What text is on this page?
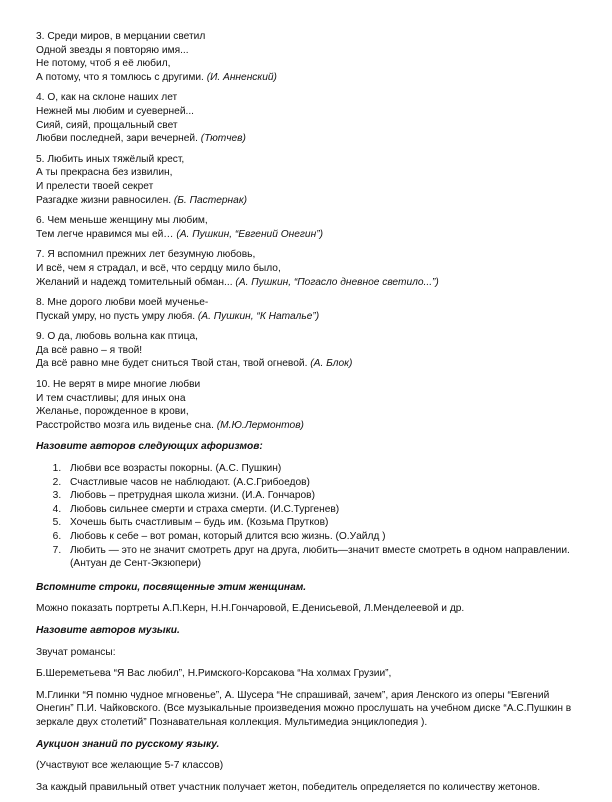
3. Среди миров, в мерцании светил
Одной звезды я повторяю имя...
Не потому, чтоб я её любил,
А потому, что я томлюсь с другими. (И. Анненский)
4. О, как на склоне наших лет
Нежней мы любим и суеверней...
Сияй, сияй, прощальный свет
Любви последней, зари вечерней. (Тютчев)
5. Любить иных тяжёлый крест,
А ты прекрасна без извилин,
И прелести твоей секрет
Разгадке жизни равносилен. (Б. Пастернак)
6. Чем меньше женщину мы любим,
Тем легче нравимся мы ей… (А. Пушкин, “Евгений Онегин”)
7. Я вспомнил прежних лет безумную любовь,
И всё, чем я страдал, и всё, что сердцу мило было,
Желаний и надежд томительный обман... (А. Пушкин, “Погасло дневное светило...”)
8. Мне дорого любви моей мученье-
Пускай умру, но пусть умру любя. (А. Пушкин, “К Наталье”)
9. О да, любовь вольна как птица,
Да всё равно – я твой!
Да всё равно мне будет сниться Твой стан, твой огневой. (А. Блок)
10. Не верят в мире многие любви
И тем счастливы; для иных она
Желанье, порожденное в крови,
Расстройство мозга иль виденье сна. (М.Ю.Лермонтов)
Назовите авторов следующих афоризмов:
1. Любви все возрасты покорны. (А.С. Пушкин)
2. Счастливые часов не наблюдают. (А.С.Грибоедов)
3. Любовь – претрудная школа жизни. (И.А. Гончаров)
4. Любовь сильнее смерти и страха смерти. (И.С.Тургенев)
5. Хочешь быть счастливым – будь им. (Козьма Прутков)
6. Любовь к себе – вот роман, который длится всю жизнь. (О.Уайлд )
7. Любить — это не значит смотреть друг на друга, любить—значит вместе смотреть в одном направлении. (Антуан де Сент-Экзюпери)
Вспомните строки, посвященные этим женщинам.
Можно показать портреты А.П.Керн, Н.Н.Гончаровой, Е.Денисьевой, Л.Менделеевой и др.
Назовите авторов музыки.
Звучат романсы:
Б.Шереметьева “Я Вас любил”, Н.Римского-Корсакова “На холмах Грузии”,
М.Глинки “Я помню чудное мгновенье”, А. Шусера “Не спрашивай, зачем”, ария Ленского из оперы “Евгений Онегин” П.И. Чайковского. (Все музыкальные произведения можно прослушать на учебном диске “А.С.Пушкин в зеркале двух столетий” Познавательная коллекция. Мультимедиа энциклопедия ).
Аукцион знаний по русскому языку.
(Участвуют все желающие 5-7 классов)
За каждый правильный ответ участник получает жетон, победитель определяется по количеству жетонов.
